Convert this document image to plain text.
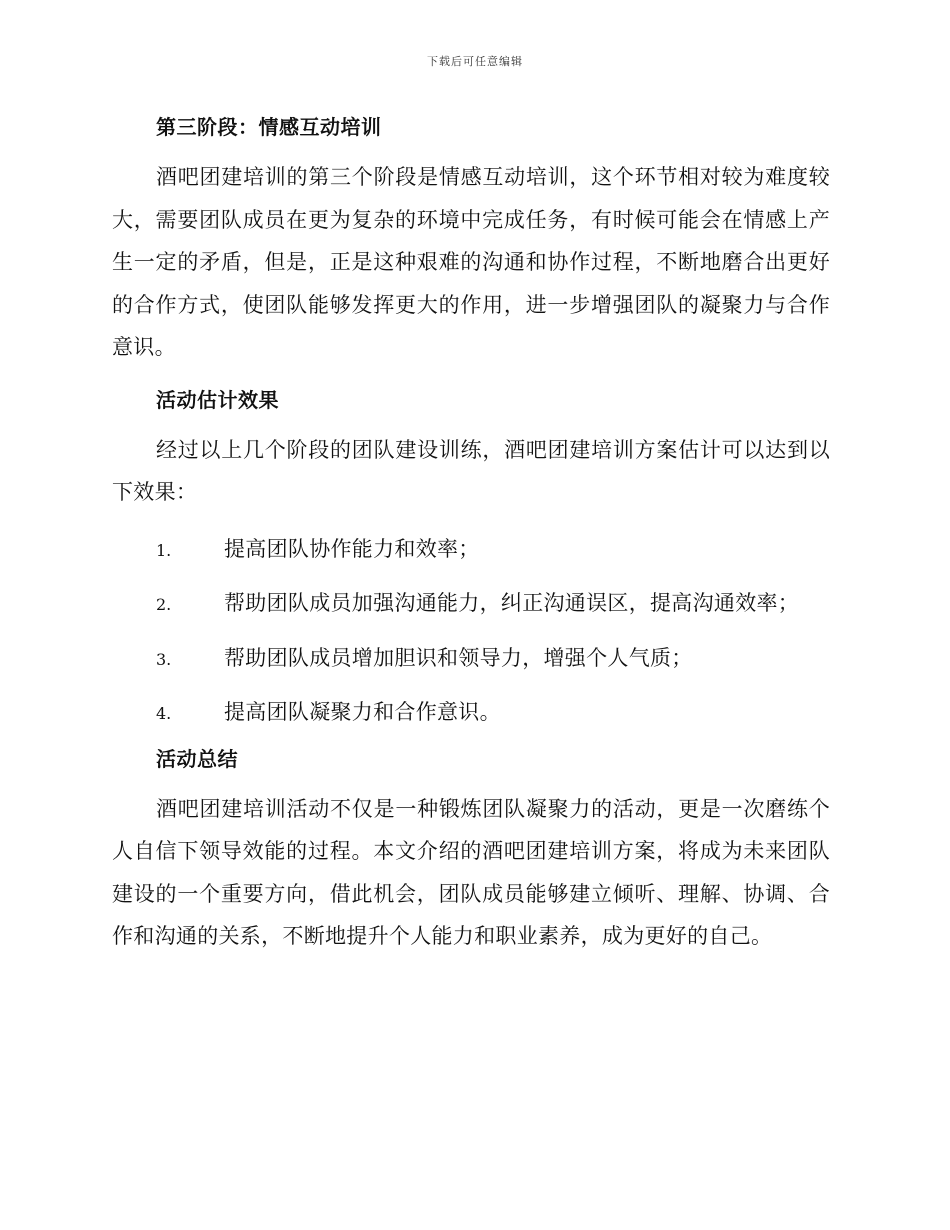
下载后可任意编辑
第三阶段：情感互动培训

酒吧团建培训的第三个阶段是情感互动培训，这个环节相对较为难度较大，需要团队成员在更为复杂的环境中完成任务，有时候可能会在情感上产生一定的矛盾，但是，正是这种艰难的沟通和协作过程，不断地磨合出更好的合作方式，使团队能够发挥更大的作用，进一步增强团队的凝聚力与合作意识。

活动估计效果

经过以上几个阶段的团队建设训练，酒吧团建培训方案估计可以达到以下效果：

1.	提高团队协作能力和效率；
2.	帮助团队成员加强沟通能力，纠正沟通误区，提高沟通效率；
3.	帮助团队成员增加胆识和领导力，增强个人气质；
4.	提高团队凝聚力和合作意识。
活动总结

酒吧团建培训活动不仅是一种锻炼团队凝聚力的活动，更是一次磨练个人自信下领导效能的过程。本文介绍的酒吧团建培训方案，将成为未来团队建设的一个重要方向，借此机会，团队成员能够建立倾听、理解、协调、合作和沟通的关系，不断地提升个人能力和职业素养，成为更好的自己。
